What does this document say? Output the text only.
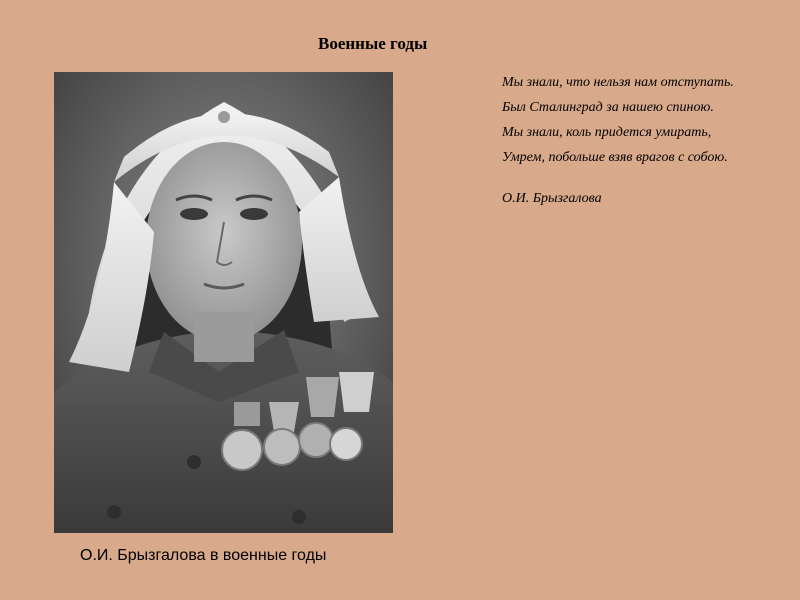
Военные годы

Мы знали, что нельзя нам отступать.

Был Сталинград за нашею спиною.

Мы знали, коль придется умирать,

Умрем, побольше взяв врагов с собою.

О.И. Брызгалова

О.И. Брызгалова в военные годы
